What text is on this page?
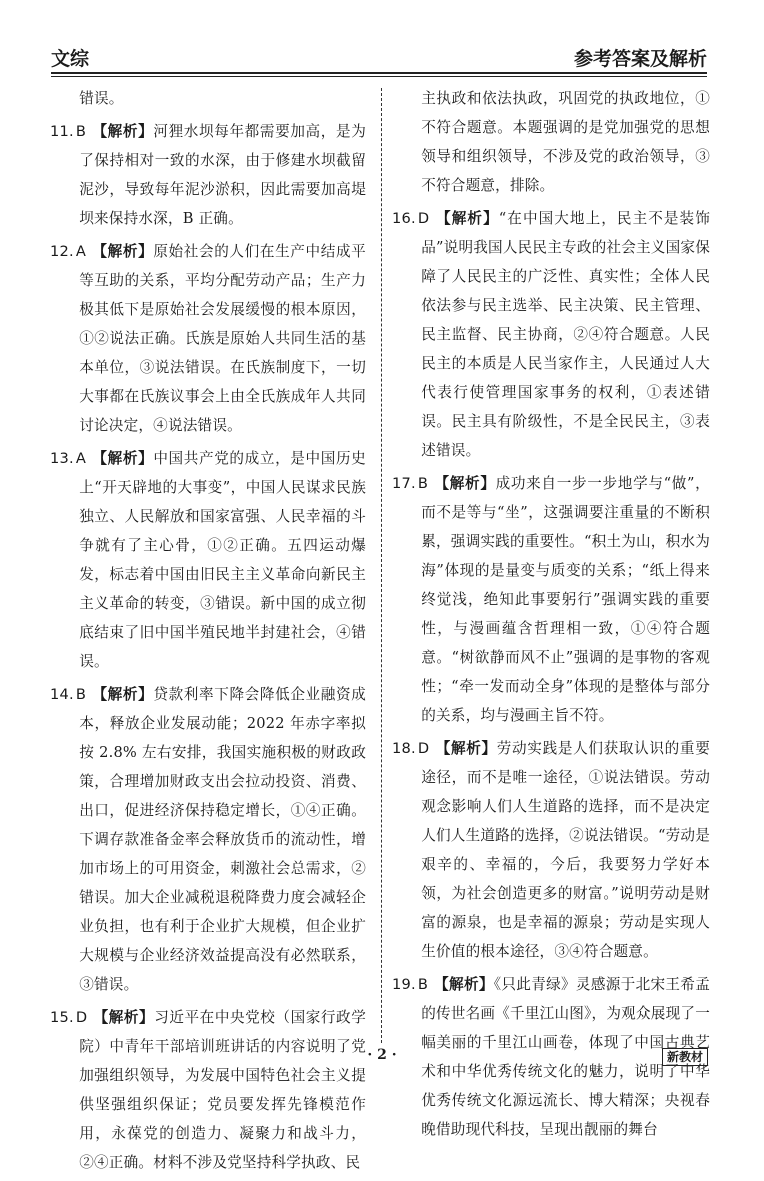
文综	参考答案及解析

错误。

11. B 【解析】河狸水坝每年都需要加高，是为了保持相对一致的水深，由于修建水坝截留泥沙，导致每年泥沙淤积，因此需要加高堤坝来保持水深，B 正确。

12. A 【解析】原始社会的人们在生产中结成平等互助的关系，平均分配劳动产品；生产力极其低下是原始社会发展缓慢的根本原因，①②说法正确。氏族是原始人共同生活的基本单位，③说法错误。在氏族制度下，一切大事都在氏族议事会上由全氏族成年人共同讨论决定，④说法错误。

13. A 【解析】中国共产党的成立，是中国历史上“开天辟地的大事变”，中国人民谋求民族独立、人民解放和国家富强、人民幸福的斗争就有了主心骨，①②正确。五四运动爆发，标志着中国由旧民主主义革命向新民主主义革命的转变，③错误。新中国的成立彻底结束了旧中国半殖民地半封建社会，④错误。

14. B 【解析】贷款利率下降会降低企业融资成本，释放企业发展动能；2022 年赤字率拟按 2.8% 左右安排，我国实施积极的财政政策，合理增加财政支出会拉动投资、消费、出口，促进经济保持稳定增长，①④正确。下调存款准备金率会释放货币的流动性，增加市场上的可用资金，刺激社会总需求，②错误。加大企业减税退税降费力度会减轻企业负担，也有利于企业扩大规模，但企业扩大规模与企业经济效益提高没有必然联系，③错误。

15. D 【解析】习近平在中央党校（国家行政学院）中青年干部培训班讲话的内容说明了党加强组织领导，为发展中国特色社会主义提供坚强组织保证；党员要发挥先锋模范作用，永葆党的创造力、凝聚力和战斗力，②④正确。材料不涉及党坚持科学执政、民

主执政和依法执政，巩固党的执政地位，①不符合题意。本题强调的是党加强党的思想领导和组织领导，不涉及党的政治领导，③不符合题意，排除。

16. D 【解析】“在中国大地上，民主不是装饰品”说明我国人民民主专政的社会主义国家保障了人民民主的广泛性、真实性；全体人民依法参与民主选举、民主决策、民主管理、民主监督、民主协商，②④符合题意。人民民主的本质是人民当家作主，人民通过人大代表行使管理国家事务的权利，①表述错误。民主具有阶级性，不是全民民主，③表述错误。

17. B 【解析】成功来自一步一步地学与“做”，而不是等与“坐”，这强调要注重量的不断积累，强调实践的重要性。“积土为山，积水为海”体现的是量变与质变的关系；“纸上得来终觉浅，绝知此事要躬行”强调实践的重要性，与漫画蕴含哲理相一致，①④符合题意。“树欲静而风不止”强调的是事物的客观性；“牵一发而动全身”体现的是整体与部分的关系，均与漫画主旨不符。

18. D 【解析】劳动实践是人们获取认识的重要途径，而不是唯一途径，①说法错误。劳动观念影响人们人生道路的选择，而不是决定人们人生道路的选择，②说法错误。“劳动是艰辛的、幸福的，今后，我要努力学好本领，为社会创造更多的财富。”说明劳动是财富的源泉，也是幸福的源泉；劳动是实现人生价值的根本途径，③④符合题意。

19. B 【解析】《只此青绿》灵感源于北宋王希孟的传世名画《千里江山图》，为观众展现了一幅美丽的千里江山画卷，体现了中国古典艺术和中华优秀传统文化的魅力，说明了中华优秀传统文化源远流长、博大精深；央视春晚借助现代科技，呈现出靓丽的舞台

· 2 ·	新教材
